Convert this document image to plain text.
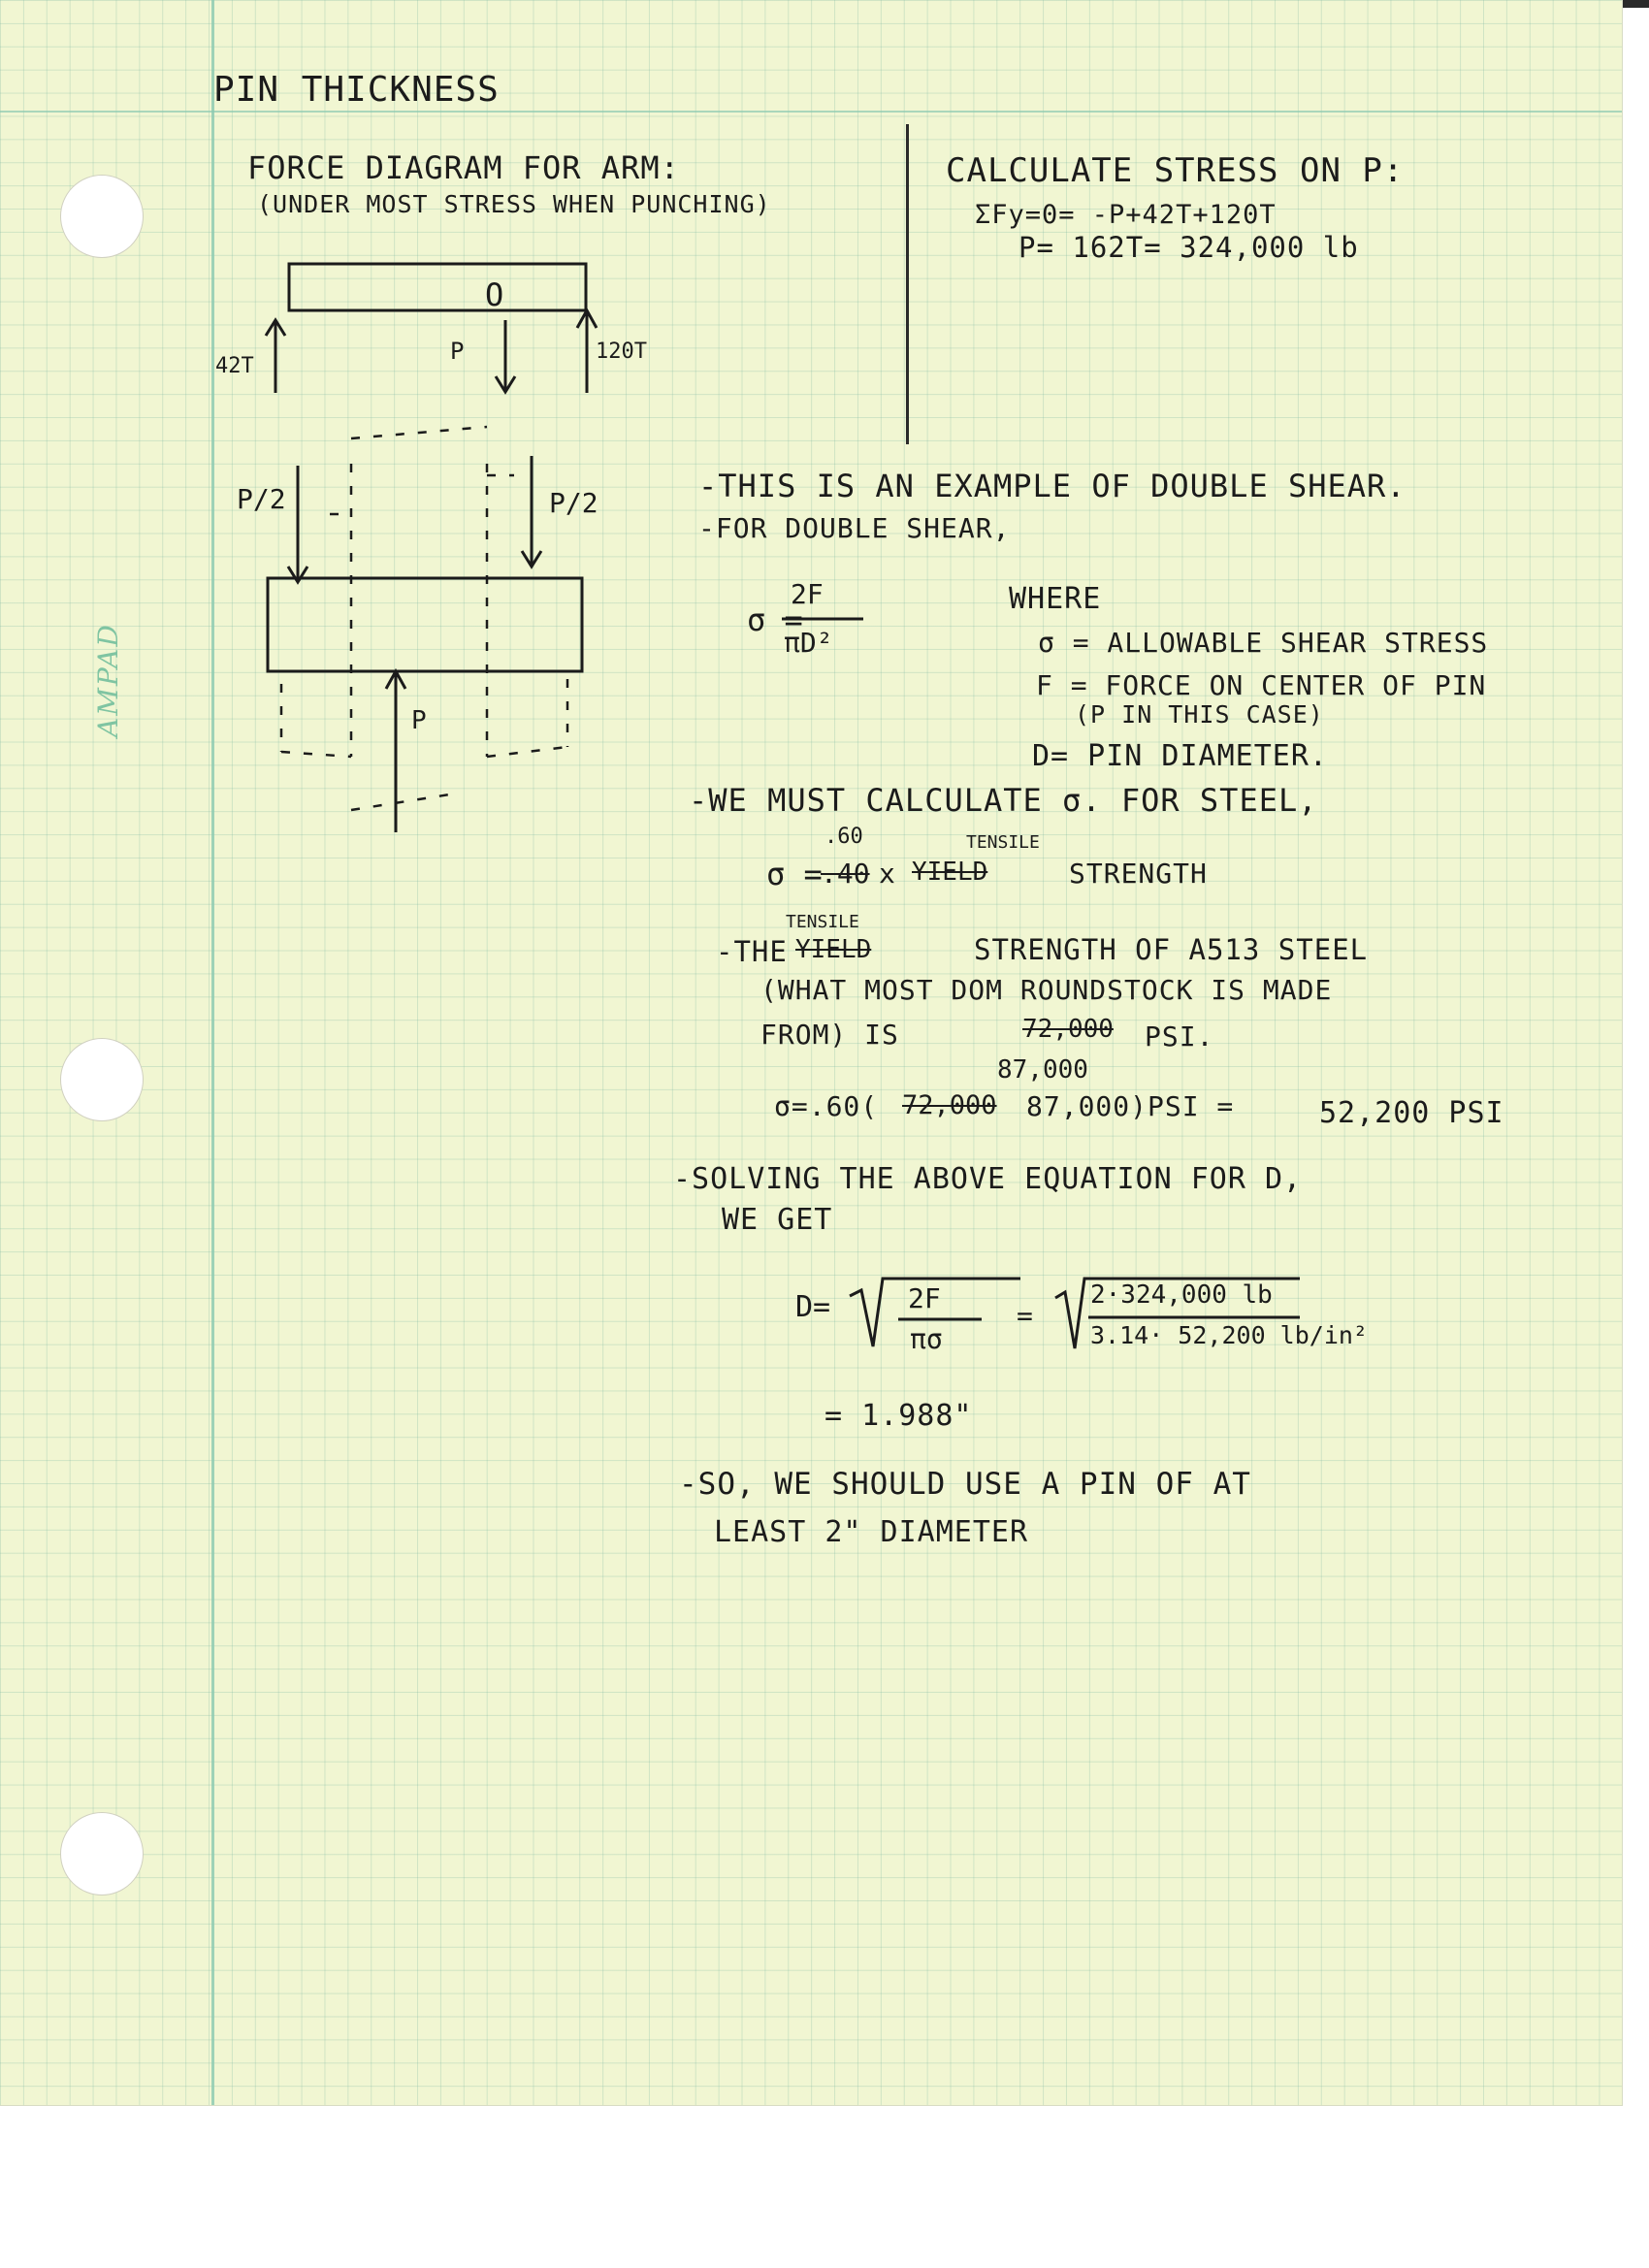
AMPAD
PIN THICKNESS
FORCE DIAGRAM FOR ARM:
(UNDER MOST STRESS WHEN PUNCHING)
O
42T
P	120T
P/2	P/2
P
CALCULATE STRESS ON P:
ΣFy=0= -P+42T+120T
P= 162T= 324,000 lb
-THIS IS AN EXAMPLE OF DOUBLE SHEAR.
-FOR DOUBLE SHEAR,
σ =
2F
πD²
WHERE
σ = ALLOWABLE SHEAR STRESS
F = FORCE ON CENTER OF PIN
(P IN THIS CASE)
D= PIN DIAMETER.
-WE MUST CALCULATE σ. FOR STEEL,
σ =
.60
.40 x
TENSILE
YIELD	STRENGTH
TENSILE
-THE YIELD	STRENGTH OF A513 STEEL
(WHAT MOST DOM ROUNDSTOCK IS MADE
FROM) IS	72,000 PSI.
87,000
σ=.60( 72,000 87,000)PSI =	52,200 PSI
-SOLVING THE ABOVE EQUATION FOR D,
WE GET
D=	2F
πσ
=
2·324,000 lb
3.14· 52,200 lb/in²
= 1.988"
-SO, WE SHOULD USE A PIN OF AT
LEAST 2" DIAMETER
